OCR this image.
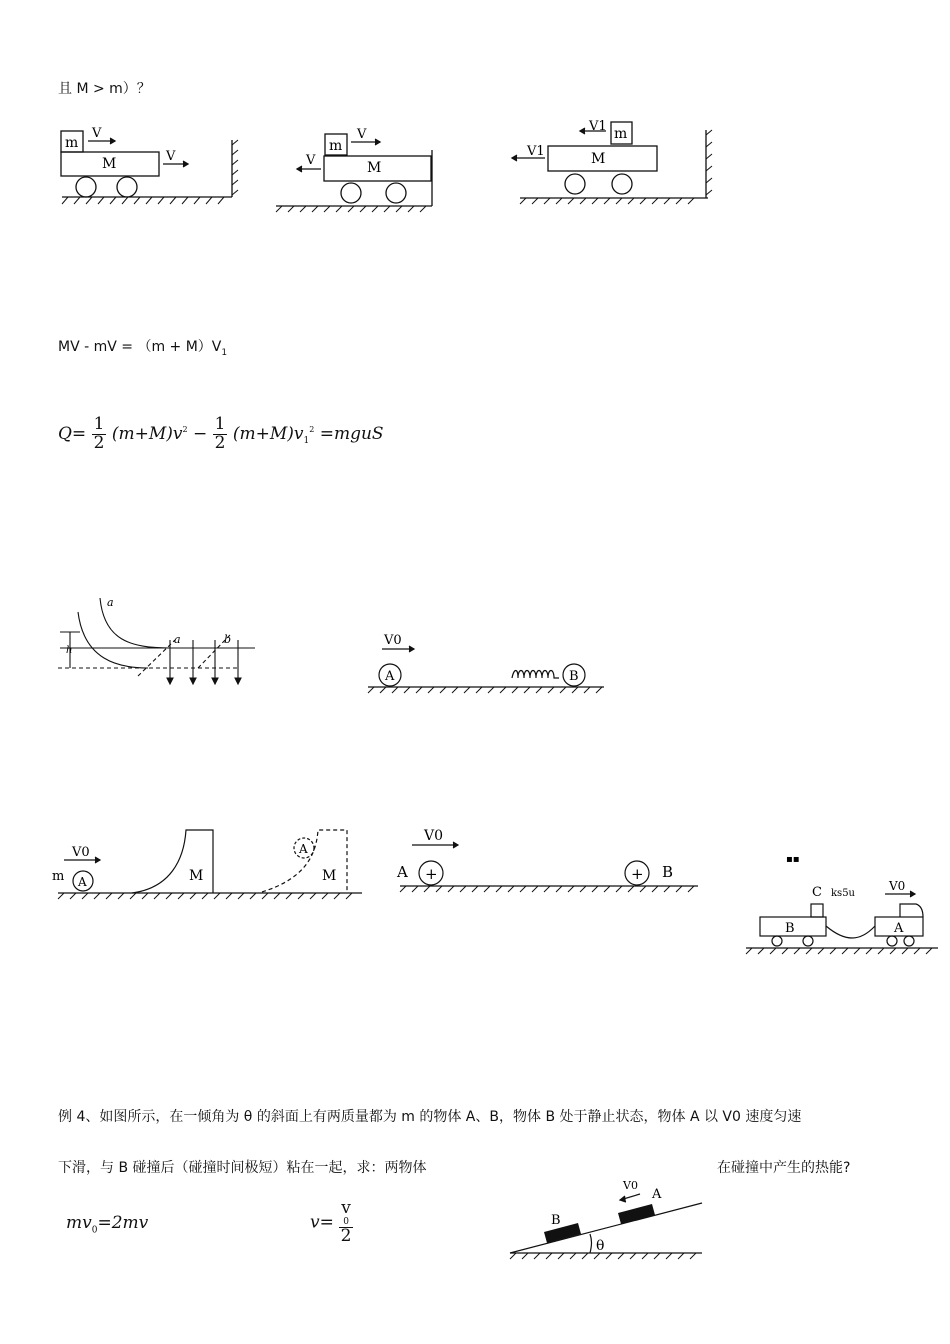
且 M > m）？
m
M
V
V
m
M
V
V
m
M
V1
V1
MV - mV = $(m + M)V_1$
$Q= \frac{1}{2} (m+M)v^2 - \frac{1}{2} (m+M)v_1^2$ =mguS
a
a	b
h
V0
A	B
V0
m A	M
A
M
V0
A	B
+	+
▪▪
C ks5u
V0
B	A
例 4、如图所示，在一倾角为 θ 的斜面上有两质量都为 m 的物体 A、B，物体 B 处于静止状态，物体 A 以 V0 速度匀速
下滑，与 B 碰撞后（碰撞时间极短）粘在一起，求：两物体	在碰撞中产生的热能?
$mv_0=2mv$	v= v
0
2	B
A
V0
θ
